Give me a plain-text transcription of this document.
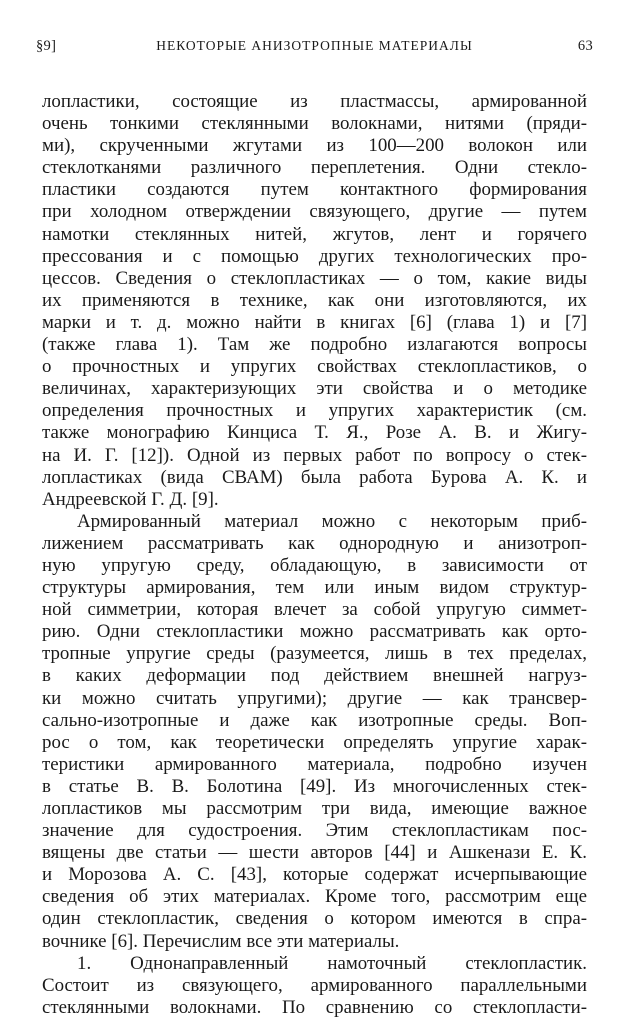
§9]	НЕКОТОРЫЕ АНИЗОТРОПНЫЕ МАТЕРИАЛЫ	63
лопластики, состоящие из пластмассы, армированной
очень тонкими стеклянными волокнами, нитями (пряди-
ми), скрученными жгутами из 100—200 волокон или
стеклотканями различного переплетения. Одни стекло-
пластики создаются путем контактного формирования
при холодном отверждении связующего, другие — путем
намотки стеклянных нитей, жгутов, лент и горячего
прессования и с помощью других технологических про-
цессов. Сведения о стеклопластиках — о том, какие виды
их применяются в технике, как они изготовляются, их
марки и т. д. можно найти в книгах [6] (глава 1) и [7]
(также глава 1). Там же подробно излагаются вопросы
о прочностных и упругих свойствах стеклопластиков, о
величинах, характеризующих эти свойства и о методике
определения прочностных и упругих характеристик (см.
также монографию Кинциса Т. Я., Розе А. В. и Жигу-
на И. Г. [12]). Одной из первых работ по вопросу о стек-
лопластиках (вида СВАМ) была работа Бурова А. К. и
Андреевской Г. Д. [9].
Армированный материал можно с некоторым приб-
лижением рассматривать как однородную и анизотроп-
ную упругую среду, обладающую, в зависимости от
структуры армирования, тем или иным видом структур-
ной симметрии, которая влечет за собой упругую симмет-
рию. Одни стеклопластики можно рассматривать как орто-
тропные упругие среды (разумеется, лишь в тех пределах,
в каких деформации под действием внешней нагруз-
ки можно считать упругими); другие — как трансвер-
сально-изотропные и даже как изотропные среды. Воп-
рос о том, как теоретически определять упругие харак-
теристики армированного материала, подробно изучен
в статье В. В. Болотина [49]. Из многочисленных стек-
лопластиков мы рассмотрим три вида, имеющие важное
значение для судостроения. Этим стеклопластикам пос-
вящены две статьи — шести авторов [44] и Ашкенази Е. К.
и Морозова А. С. [43], которые содержат исчерпывающие
сведения об этих материалах. Кроме того, рассмотрим еще
один стеклопластик, сведения о котором имеются в спра-
вочнике [6]. Перечислим все эти материалы.
1. Однонаправленный намоточный стеклопластик.
Состоит из связующего, армированного параллельными
стеклянными волокнами. По сравнению со стеклопласти-
